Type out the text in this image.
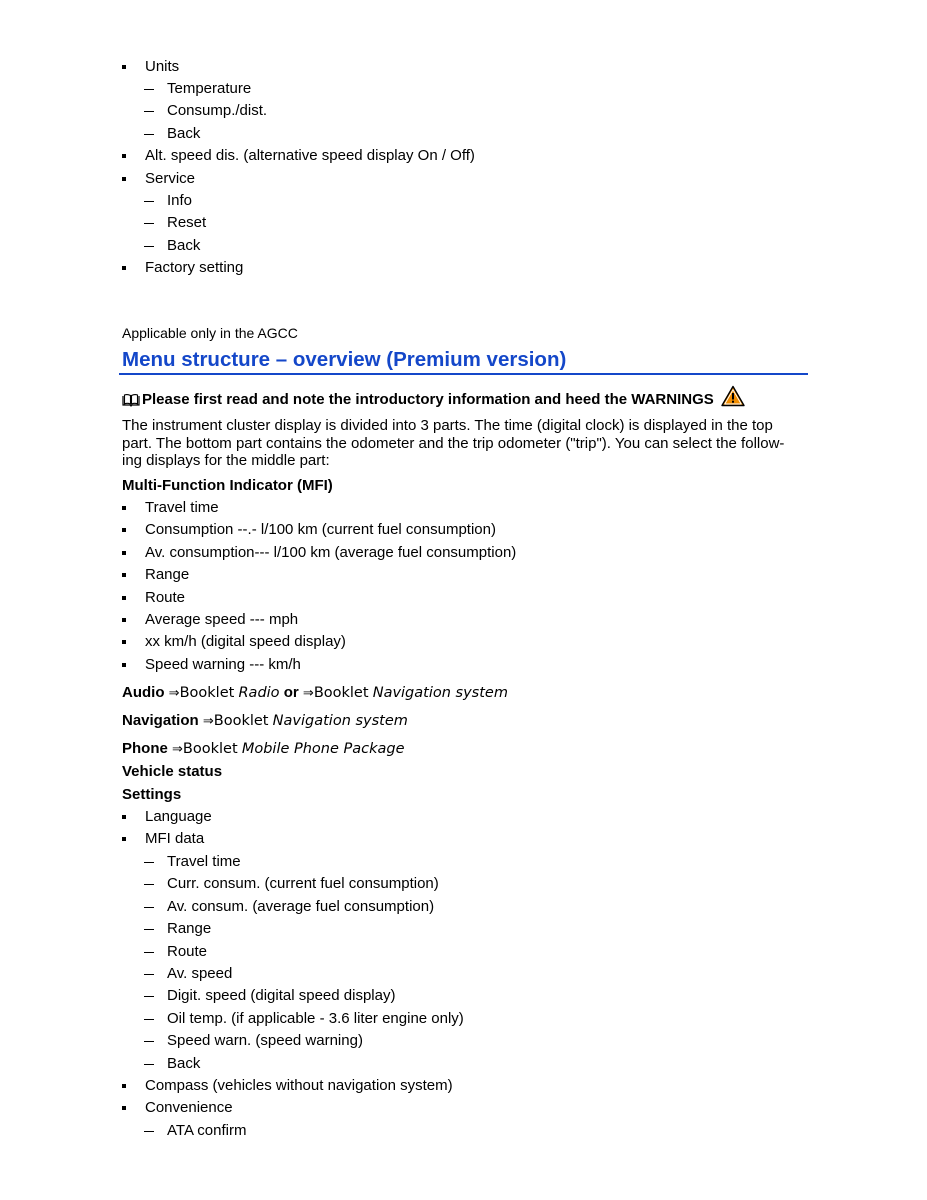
Units
Temperature
Consump./dist.
Back
Alt. speed dis. (alternative speed display On / Off)
Service
Info
Reset
Back
Factory setting
Applicable only in the AGCC
Menu structure – overview (Premium version)
Please first read and note the introductory information and heed the WARNINGS
The instrument cluster display is divided into 3 parts. The time (digital clock) is displayed in the top
part. The bottom part contains the odometer and the trip odometer ("trip"). You can select the follow-
ing displays for the middle part:
Multi-Function Indicator (MFI)
Travel time
Consumption --.- l/100 km (current fuel consumption)
Av. consumption--- l/100 km (average fuel consumption)
Range
Route
Average speed --- mph
xx km/h (digital speed display)
Speed warning --- km/h
Audio ⇒Booklet Radio or ⇒Booklet Navigation system
Navigation ⇒Booklet Navigation system
Phone ⇒Booklet Mobile Phone Package
Vehicle status
Settings
Language
MFI data
Travel time
Curr. consum. (current fuel consumption)
Av. consum. (average fuel consumption)
Range
Route
Av. speed
Digit. speed (digital speed display)
Oil temp. (if applicable - 3.6 liter engine only)
Speed warn. (speed warning)
Back
Compass (vehicles without navigation system)
Convenience
ATA confirm
